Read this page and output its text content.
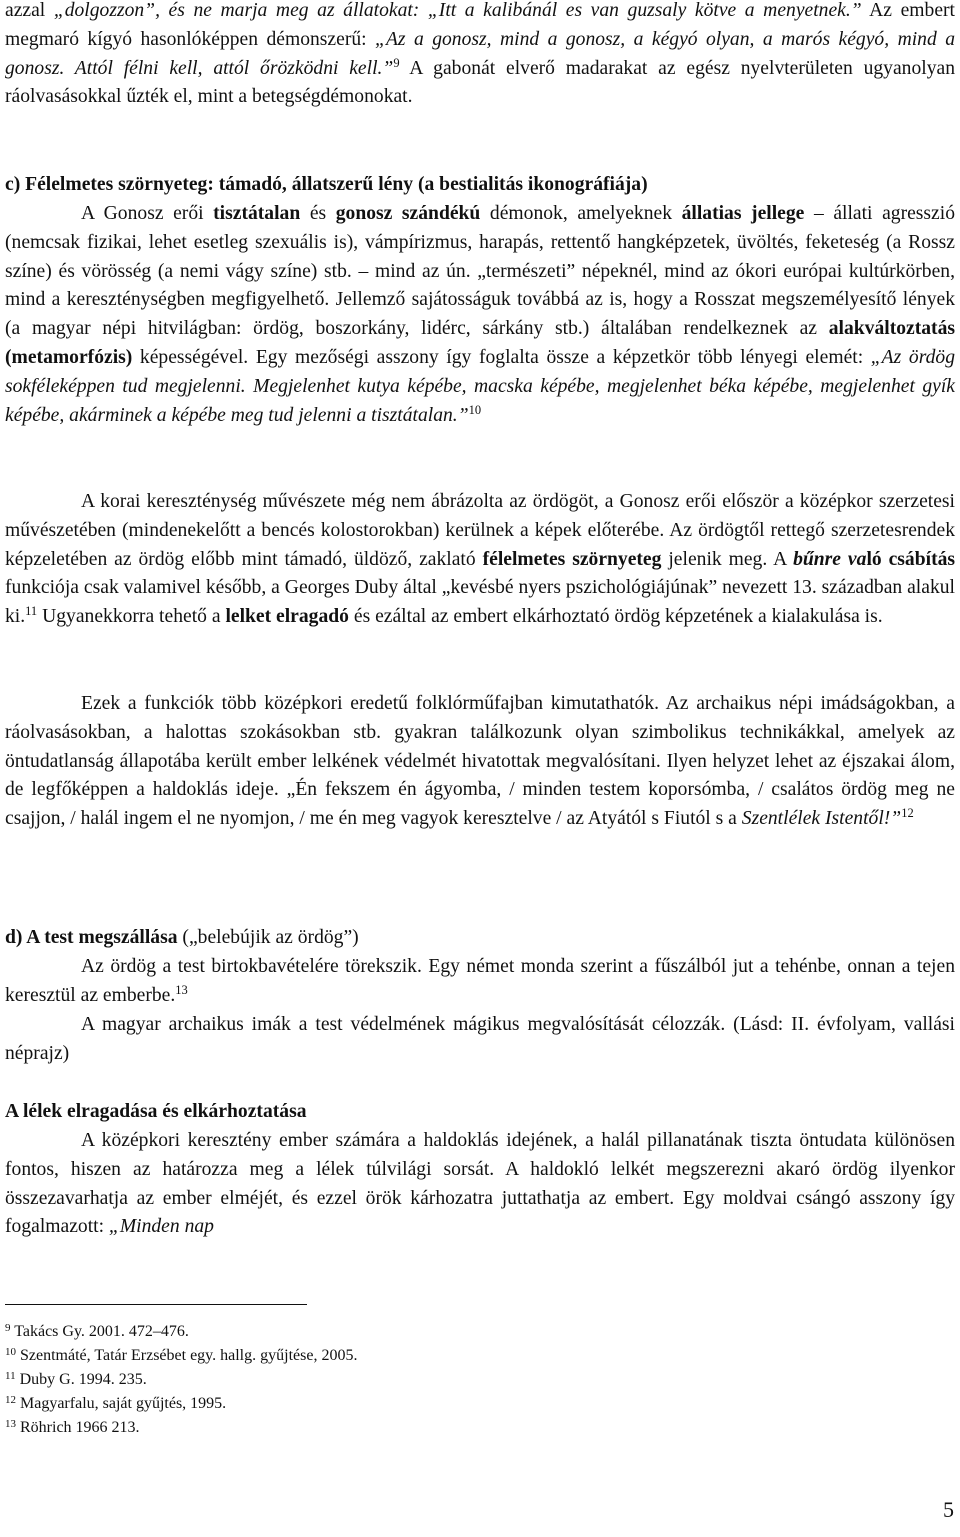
azzal „dolgozzon”, és ne marja meg az állatokat: „Itt a kalibánál es van guzsaly kötve a menyetnek.” Az embert megmaró kígyó hasonlóképpen démonszerű: „Az a gonosz, mind a gonosz, a kégyó olyan, a marós kégyó, mind a gonosz. Attól félni kell, attól őrözködni kell.”$^9$ A gabonát elverő madarakat az egész nyelvterületen ugyanolyan ráolvasásokkal űzték el, mint a betegségdémonokat.

c) Félelmetes szörnyeteg: támadó, állatszerű lény (a bestialitás ikonográfiája)

A Gonosz erői tisztátalan és gonosz szándékú démonok, amelyeknek állatias jellege – állati agresszió (nemcsak fizikai, lehet esetleg szexuális is), vámpírizmus, harapás, rettentő hangképzetek, üvöltés, feketeség (a Rossz színe) és vörösség (a nemi vágy színe) stb. – mind az ún. „természeti” népeknél, mind az ókori európai kultúrkörben, mind a kereszténységben megfigyelhető. Jellemző sajátosságuk továbbá az is, hogy a Rosszat megszemélyesítő lények (a magyar népi hitvilágban: ördög, boszorkány, lidérc, sárkány stb.) általában rendelkeznek az alakváltoztatás (metamorfózis) képességével. Egy mezőségi asszony így foglalta össze a képzetkör több lényegi elemét: „Az ördög sokféleképpen tud megjelenni. Megjelenhet kutya képébe, macska képébe, megjelenhet béka képébe, megjelenhet gyík képébe, akárminek a képébe meg tud jelenni a tisztátalan.”$^{10}$

A korai kereszténység művészete még nem ábrázolta az ördögöt, a Gonosz erői először a középkor szerzetesi művészetében (mindenekelőtt a bencés kolostorokban) kerülnek a képek előterébe. Az ördögtől rettegő szerzetesrendek képzeletében az ördög előbb mint támadó, üldöző, zaklató félelmetes szörnyeteg jelenik meg. A bűnre való csábítás funkciója csak valamivel később, a Georges Duby által „kevésbé nyers pszichológiájúnak” nevezett 13. században alakul ki.$^{11}$ Ugyanekkorra tehető a lelket elragadó és ezáltal az embert elkárhoztató ördög képzetének a kialakulása is.

Ezek a funkciók több középkori eredetű folklórműfajban kimutathatók. Az archaikus népi imádságokban, a ráolvasásokban, a halottas szokásokban stb. gyakran találkozunk olyan szimbolikus technikákkal, amelyek az öntudatlanság állapotába került ember lelkének védelmét hivatottak megvalósítani. Ilyen helyzet lehet az éjszakai álom, de legfőképpen a haldoklás ideje. „Én fekszem én ágyomba, / minden testem koporsómba, / csalátos ördög meg ne csajjon, / halál ingem el ne nyomjon, / me én meg vagyok keresztelve / az Atyától s Fiutól s a Szentlélek Istentől!”$^{12}$

d) A test megszállása („belebújik az ördög”)

Az ördög a test birtokbavételére törekszik. Egy német monda szerint a fűszálból jut a tehénbe, onnan a tejen keresztül az emberbe.$^{13}$

A magyar archaikus imák a test védelmének mágikus megvalósítását célozzák. (Lásd: II. évfolyam, vallási néprajz)

A lélek elragadása és elkárhoztatása

A középkori keresztény ember számára a haldoklás idejének, a halál pillanatának tiszta öntudata különösen fontos, hiszen az határozza meg a lélek túlvilági sorsát. A haldokló lelkét megszerezni akaró ördög ilyenkor összezavarhatja az ember elméjét, és ezzel örök kárhozatra juttathatja az embert. Egy moldvai csángó asszony így fogalmazott: „Minden nap

$^9$ Takács Gy. 2001. 472–476.
$^{10}$ Szentmáté, Tatár Erzsébet egy. hallg. gyűjtése, 2005.
$^{11}$ Duby G. 1994. 235.
$^{12}$ Magyarfalu, saját gyűjtés, 1995.
$^{13}$ Röhrich 1966 213.
5
